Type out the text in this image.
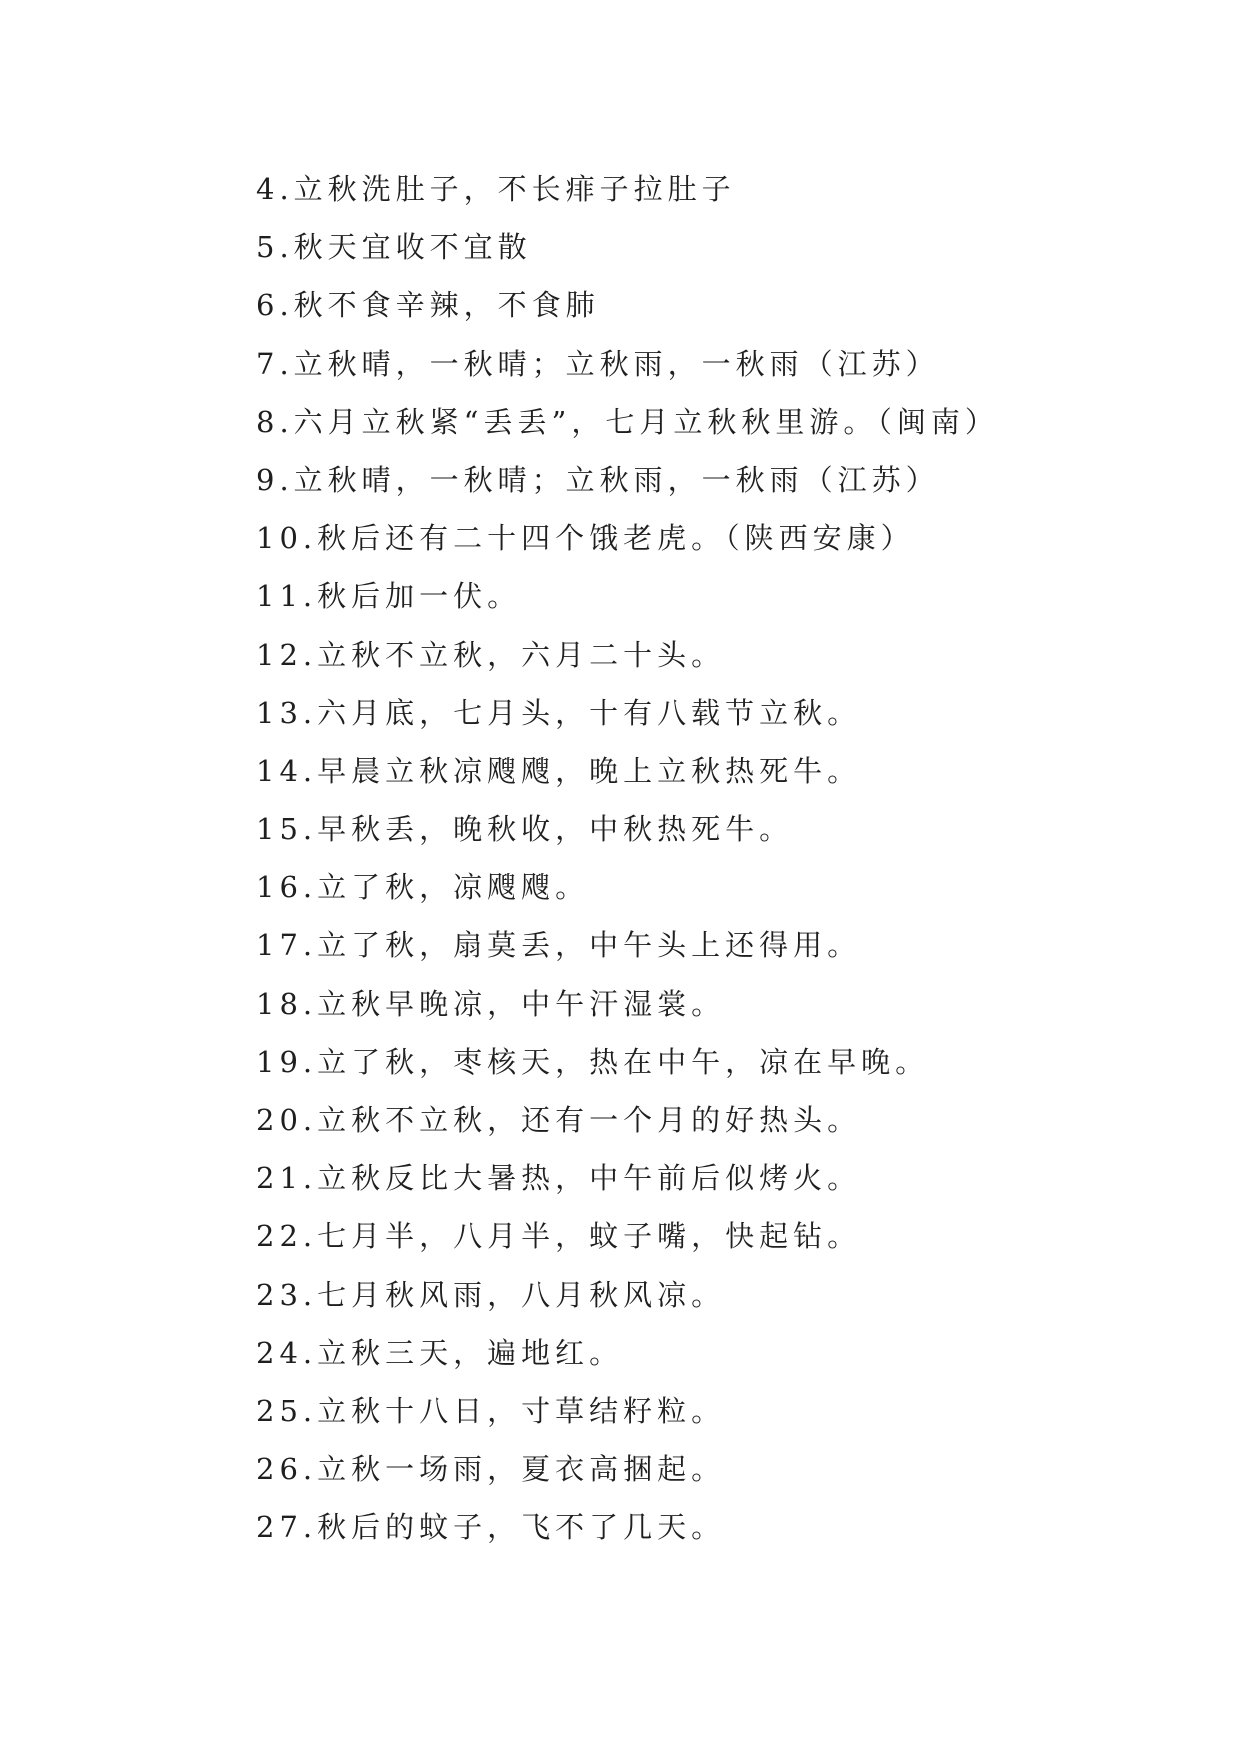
4.立秋洗肚子，不长痱子拉肚子
5.秋天宜收不宜散
6.秋不食辛辣，不食肺
7.立秋晴，一秋晴；立秋雨，一秋雨（江苏）
8.六月立秋紧“丢丢”，七月立秋秋里游。（闽南）
9.立秋晴，一秋晴；立秋雨，一秋雨（江苏）
10.秋后还有二十四个饿老虎。（陕西安康）
11.秋后加一伏。
12.立秋不立秋，六月二十头。
13.六月底，七月头，十有八载节立秋。
14.早晨立秋凉飕飕，晚上立秋热死牛。
15.早秋丢，晚秋收，中秋热死牛。
16.立了秋，凉飕飕。
17.立了秋，扇莫丢，中午头上还得用。
18.立秋早晚凉，中午汗湿裳。
19.立了秋，枣核天，热在中午，凉在早晚。
20.立秋不立秋，还有一个月的好热头。
21.立秋反比大暑热，中午前后似烤火。
22.七月半，八月半，蚊子嘴，快起钻。
23.七月秋风雨，八月秋风凉。
24.立秋三天，遍地红。
25.立秋十八日，寸草结籽粒。
26.立秋一场雨，夏衣高捆起。
27.秋后的蚊子，飞不了几天。
